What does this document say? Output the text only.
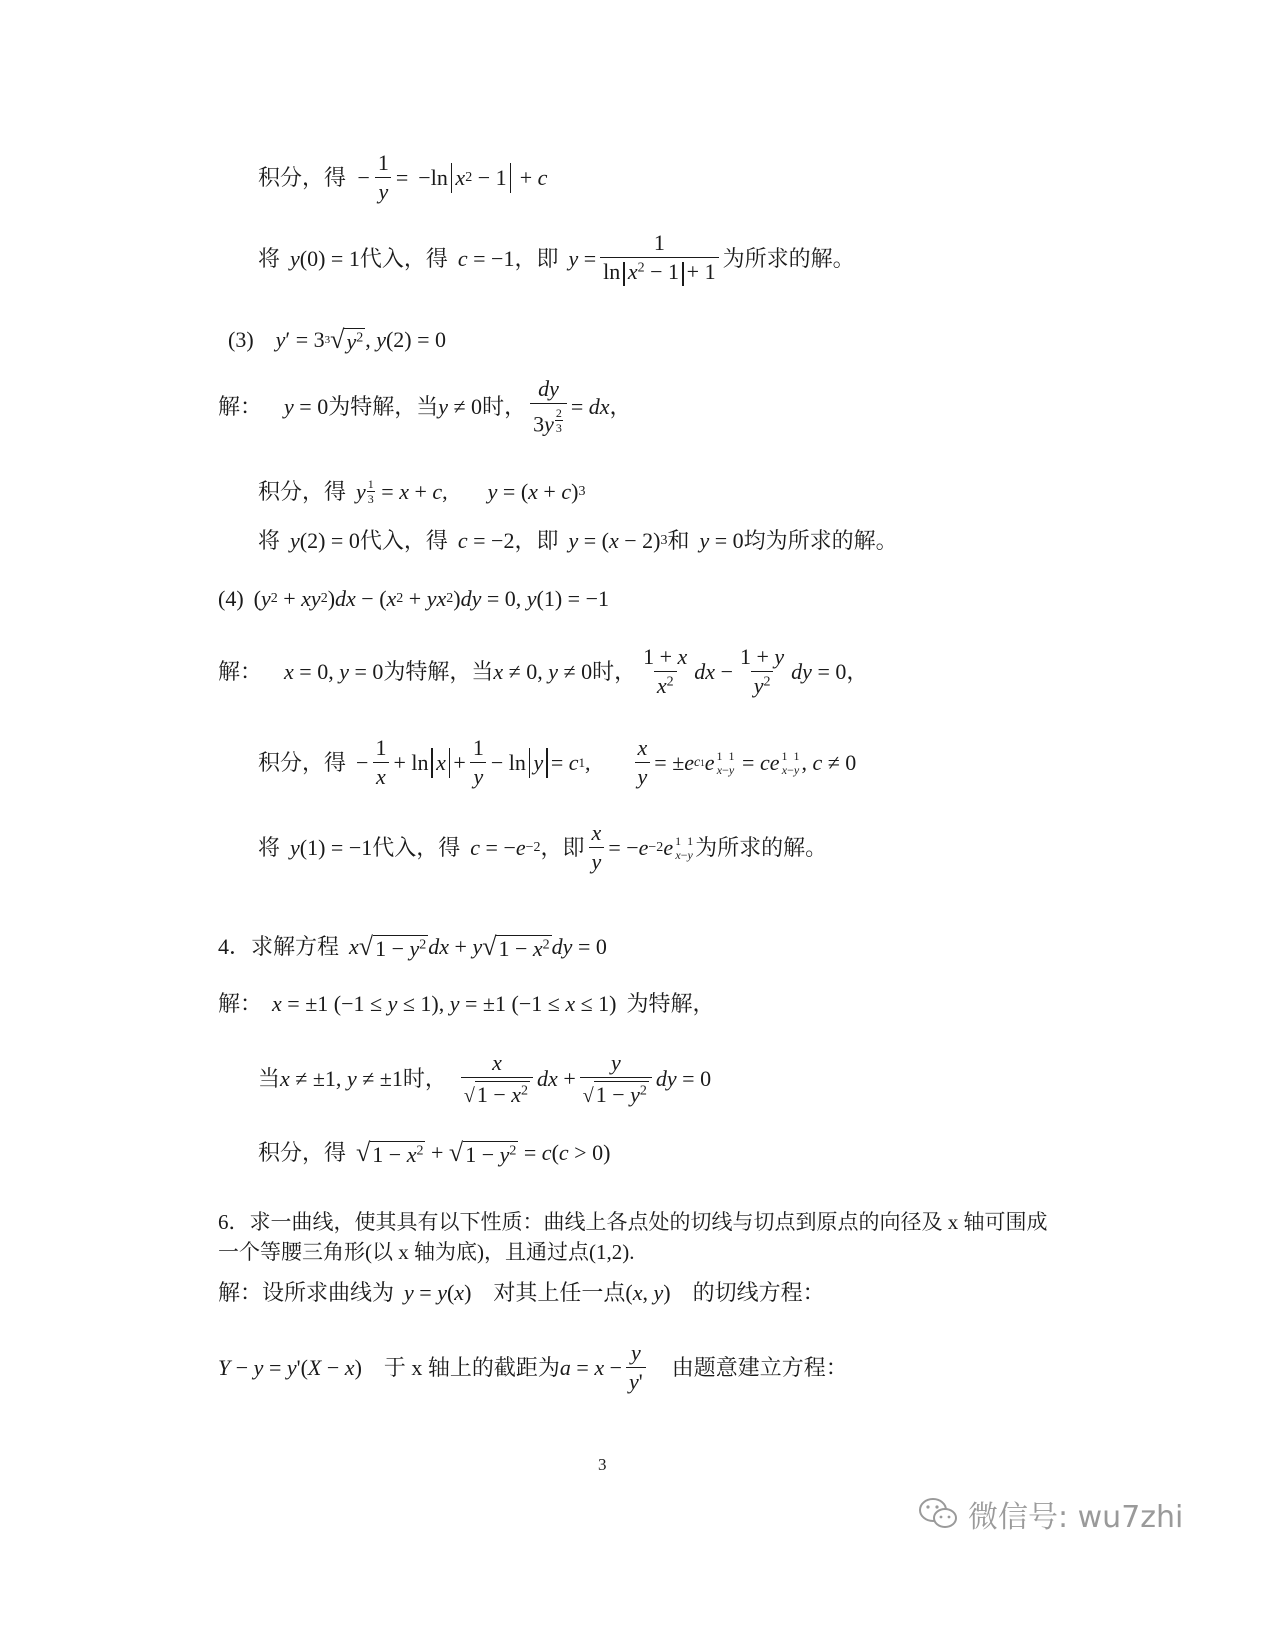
积分，得 − $\frac{1}{y} = -\ln$ x 2 − 1 + c
将 y (0) = 1 代入，得 c = −1 ，即 $y = \frac{1}{\ln x^2 - 1 + 1}$ 为所求的解。
(3) y ′ = 3 3 √ $y^2$ , y (2) = 0
解： y = 0 为特解，当 y ≠ 0 时， $\frac{dy}{3y \frac{2}{3}}$ = dx ，
积分，得 y $\frac{1}{3} = x + c$ , y = ( x + c ) 3
将 y (2) = 0 代入，得 c = −2 ，即 y = ( x − 2) 3 和 y = 0 均为所求的解。
(4) ( y 2 + xy 2 ) dx − ( x 2 + yx 2 ) dy = 0, y (1) = −1
解： x = 0, y = 0 为特解，当 x ≠ 0, y ≠ 0 时， $\frac{1 + x}{x^2}$ dx − $\frac{1 + y}{y^2}$ dy = 0，
积分，得 − $\frac{1}{x} + \ln x + \frac{1}{y} - \ln y = c$ 1 , $\frac{x}{y}$ = ± e c1 e 1  1
x−y = ce 1  1
x−y , c ≠ 0
将 y (1) = −1 代入，得 c = − e −2 ，即 $\frac{x}{y}$ = − e −2 e 1  1
x−y 为所求的解。
4．求解方程 x √ $1 - y^2$ dx + y √ $1 - x^2$ dy = 0
解： x = ±1 (−1 ≤ y ≤ 1), y = ±1 (−1 ≤ x ≤ 1) 为特解，
当 x ≠ ±1, y ≠ ±1 时， $\frac{x}{√ 1 - x^2}$ dx + $\frac{y}{√ 1 - y^2}$ dy = 0
积分，得 √ $1 - x^2$ + √ $1 - y^2 = c$ ( c > 0)
6．求一曲线，使其具有以下性质：曲线上各点处的切线与切点到原点的向径及 x 轴可围成
一个等腰三角形(以 x 轴为底)，且通过点(1,2).
解：设所求曲线为 y = y ( x ) 对其上任一点 ( x , y ) 的切线方程：
Y − y = y '( X − x ) 于 x 轴上的截距为 $a = x - \frac{y}{y'}$ 由题意建立方程：
3
微信号: wu7zhi
